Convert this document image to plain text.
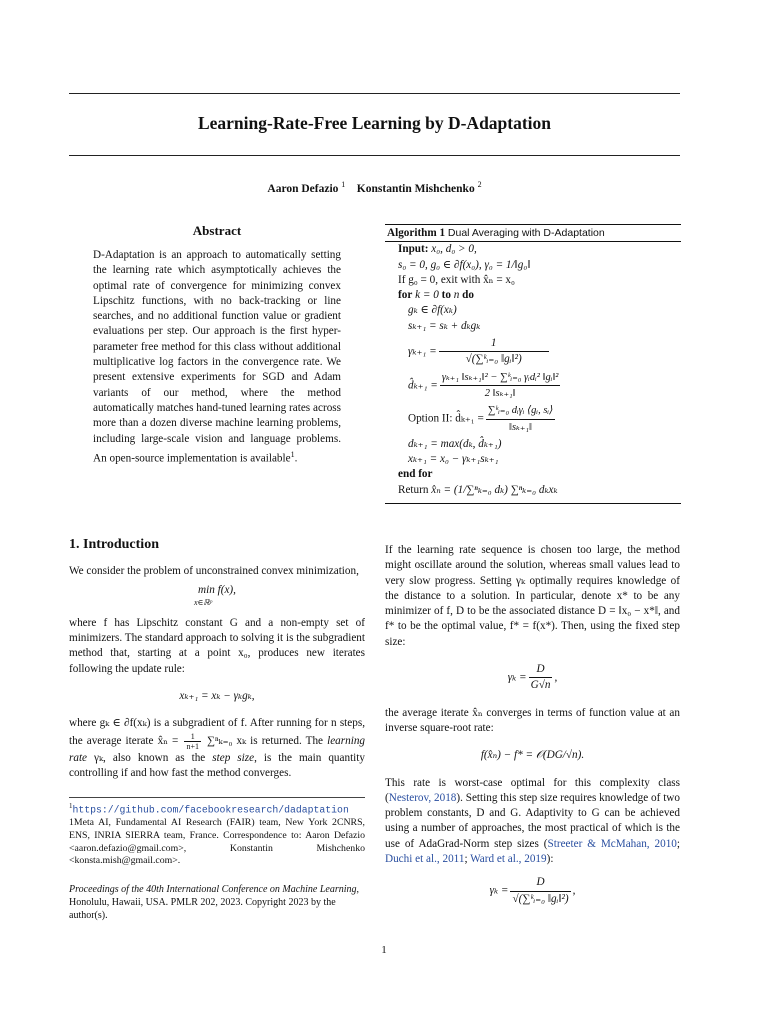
Learning-Rate-Free Learning by D-Adaptation
Aaron Defazio $^1$ Konstantin Mishchenko $^2$
Abstract
D-Adaptation is an approach to automatically setting the learning rate which asymptotically achieves the optimal rate of convergence for minimizing convex Lipschitz functions, with no back-tracking or line searches, and no additional function value or gradient evaluations per step. Our approach is the first hyper-parameter free method for this class without additional multiplicative log factors in the convergence rate. We present extensive experiments for SGD and Adam variants of our method, where the method automatically matches hand-tuned learning rates across more than a dozen diverse machine learning problems, including large-scale vision and language problems. An open-source implementation is available$^1$.
1. Introduction
We consider the problem of unconstrained convex minimization,
min f(x),
x∈ℝᵖ
where f has Lipschitz constant G and a non-empty set of minimizers. The standard approach to solving it is the subgradient method that, starting at a point x₀, produces new iterates following the update rule:
xₖ₊₁ = xₖ − γₖgₖ,
where gₖ ∈ ∂f(xₖ) is a subgradient of f. After running for n steps, the average iterate x̂ₙ = $\frac{1}{n+1} \sum^n_{k=0}$ xₖ is returned. The learning rate γₖ, also known as the step size, is the main quantity controlling if and how fast the method converges.
$^1$https://github.com/facebookresearch/dadaptation
1Meta AI, Fundamental AI Research (FAIR) team, New York 2CNRS, ENS, INRIA SIERRA team, France. Correspondence to: Aaron Defazio <aaron.defazio@gmail.com>, Konstantin Mishchenko <konsta.mish@gmail.com>.
Proceedings of the 40th International Conference on Machine Learning, Honolulu, Hawaii, USA. PMLR 202, 2023. Copyright 2023 by the author(s).
Algorithm 1 Dual Averaging with D-Adaptation
Input: x₀, d₀ > 0,
s₀ = 0, g₀ ∈ ∂f(x₀), γ₀ = 1/‖g₀‖
If g₀ = 0, exit with x̂ₙ = x₀
for k = 0 to n do
gₖ ∈ ∂f(xₖ)
sₖ₊₁ = sₖ + dₖgₖ
$\gamma_{k+1} = \frac{1}{\text{√(∑ᵏᵢ₌₀ ‖gᵢ‖²)}}$
d̂ₖ₊₁ = $\frac{\text{γₖ₊₁ ‖sₖ₊₁‖² − ∑ᵏᵢ₌₀ γᵢdᵢ² ‖gᵢ‖²}}{\text{2 ‖sₖ₊₁‖}}$
Option II: d̂ₖ₊₁ = $\frac{\text{∑ᵏᵢ₌₀ dᵢγᵢ ⟨gᵢ, sᵢ⟩}}{\text{‖sₖ₊₁‖}}$
dₖ₊₁ = max(dₖ, d̂ₖ₊₁)
xₖ₊₁ = x₀ − γₖ₊₁sₖ₊₁
end for
Return x̂ₙ = (1/∑ⁿₖ₌₀ dₖ) ∑ⁿₖ₌₀ dₖxₖ
If the learning rate sequence is chosen too large, the method might oscillate around the solution, whereas small values lead to very slow progress. Setting γₖ optimally requires knowledge of the distance to a solution. In particular, denote x* to be any minimizer of f, D to be the associated distance D = ‖x₀ − x*‖, and f* to be the optimal value, f* = f(x*). Then, using the fixed step size:
$\gamma_k = \frac{D}{G√n}$ ,
the average iterate x̂ₙ converges in terms of function value at an inverse square-root rate:
f(x̂ₙ) − f* = 𝒪(DG/√n).
This rate is worst-case optimal for this complexity class (Nesterov, 2018). Setting this step size requires knowledge of two problem constants, D and G. Adaptivity to G can be achieved using a number of approaches, the most practical of which is the use of AdaGrad-Norm step sizes (Streeter & McMahan, 2010; Duchi et al., 2011; Ward et al., 2019):
$\gamma_k = \frac{D}{\text{√(∑ᵏᵢ₌₀ ‖gᵢ‖²)}}$ ,
1
